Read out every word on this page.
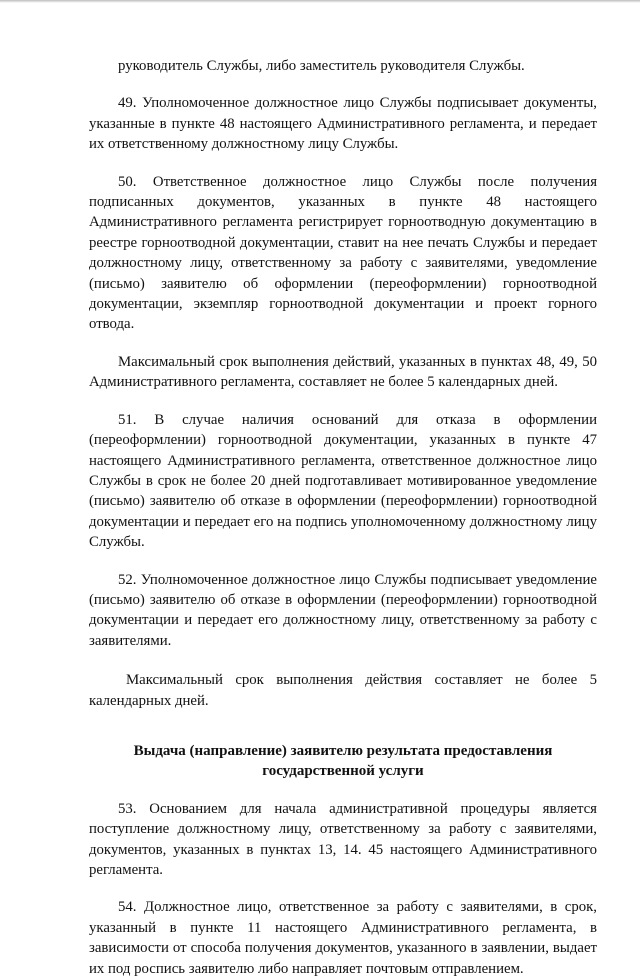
руководитель Службы, либо заместитель руководителя Службы.

49. Уполномоченное должностное лицо Службы подписывает документы, указанные в пункте 48 настоящего Административного регламента, и передает их ответственному должностному лицу Службы.

50. Ответственное должностное лицо Службы после получения подписанных документов, указанных в пункте 48 настоящего Административного регламента регистрирует горноотводную документацию в реестре горноотводной документации, ставит на нее печать Службы и передает должностному лицу, ответственному за работу с заявителями, уведомление (письмо) заявителю об оформлении (переоформлении) горноотводной документации, экземпляр горноотводной документации и проект горного отвода.

Максимальный срок выполнения действий, указанных в пунктах 48, 49, 50 Административного регламента, составляет не более 5 календарных дней.

51. В случае наличия оснований для отказа в оформлении (переоформлении) горноотводной документации, указанных в пункте 47 настоящего Административного регламента, ответственное должностное лицо Службы в срок не более 20 дней подготавливает мотивированное уведомление (письмо) заявителю об отказе в оформлении (переоформлении) горноотводной документации и передает его на подпись уполномоченному должностному лицу Службы.

52. Уполномоченное должностное лицо Службы подписывает уведомление (письмо) заявителю об отказе в оформлении (переоформлении) горноотводной документации и передает его должностному лицу, ответственному за работу с заявителями.

Максимальный срок выполнения действия составляет не более 5 календарных дней.

Выдача (направление) заявителю результата предоставления
государственной услуги

53. Основанием для начала административной процедуры является поступление должностному лицу, ответственному за работу с заявителями, документов, указанных в пунктах 13, 14. 45 настоящего Административного регламента.

54. Должностное лицо, ответственное за работу с заявителями, в срок, указанный в пункте 11 настоящего Административного регламента, в зависимости от способа получения документов, указанного в заявлении, выдает их под роспись заявителю либо направляет почтовым отправлением.
